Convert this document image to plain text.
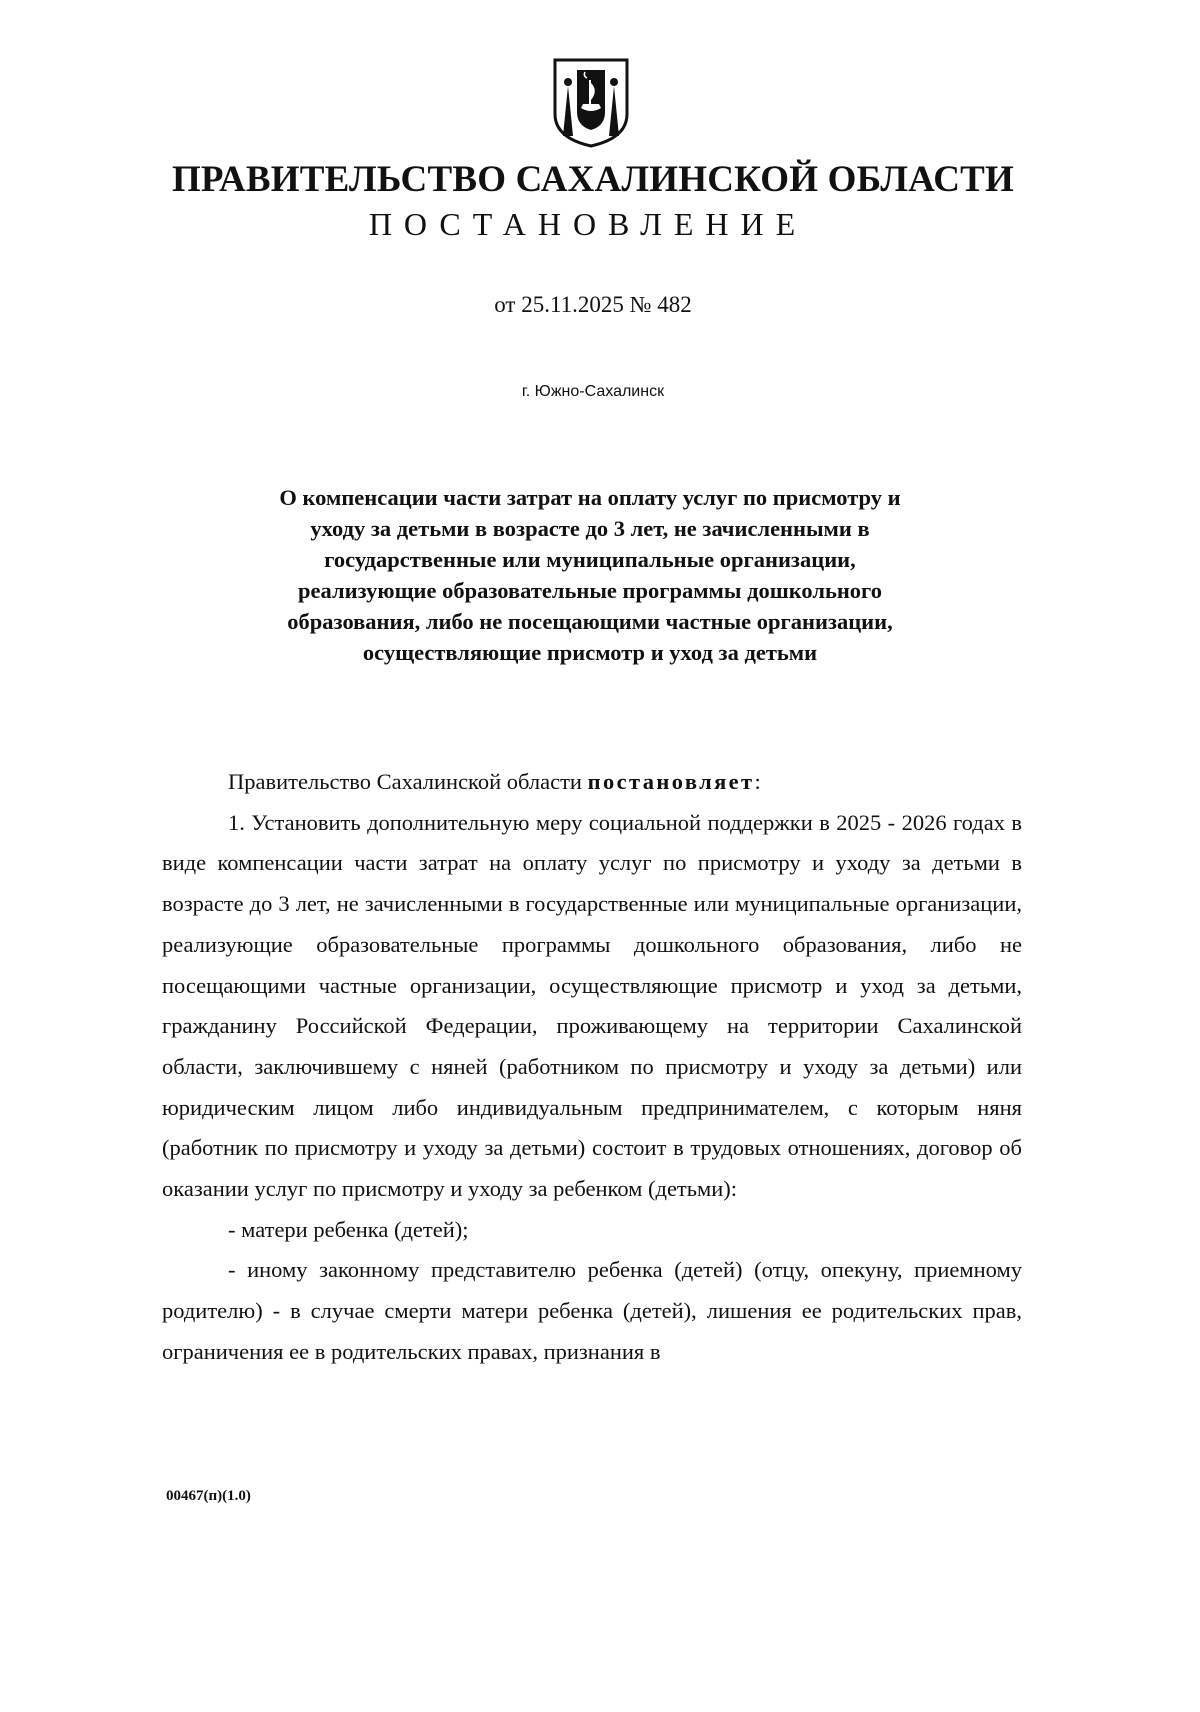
ПРАВИТЕЛЬСТВО САХАЛИНСКОЙ ОБЛАСТИ
ПОСТАНОВЛЕНИЕ
от 25.11.2025 № 482
г. Южно-Сахалинск
О компенсации части затрат на оплату услуг по присмотру и уходу за детьми в возрасте до 3 лет, не зачисленными в государственные или муниципальные организации, реализующие образовательные программы дошкольного образования, либо не посещающими частные организации, осуществляющие присмотр и уход за детьми

Правительство Сахалинской области постановляет:

1. Установить дополнительную меру социальной поддержки в 2025 - 2026 годах в виде компенсации части затрат на оплату услуг по присмотру и уходу за детьми в возрасте до 3 лет, не зачисленными в государственные или муниципальные организации, реализующие образовательные программы дошкольного образования, либо не посещающими частные организации, осуществляющие присмотр и уход за детьми, гражданину Российской Федерации, проживающему на территории Сахалинской области, заключившему с няней (работником по присмотру и уходу за детьми) или юридическим лицом либо индивидуальным предпринимателем, с которым няня (работник по присмотру и уходу за детьми) состоит в трудовых отношениях, договор об оказании услуг по присмотру и уходу за ребенком (детьми):

- матери ребенка (детей);

- иному законному представителю ребенка (детей) (отцу, опекуну, приемному родителю) - в случае смерти матери ребенка (детей), лишения ее родительских прав, ограничения ее в родительских правах, признания в

00467(п)(1.0)
